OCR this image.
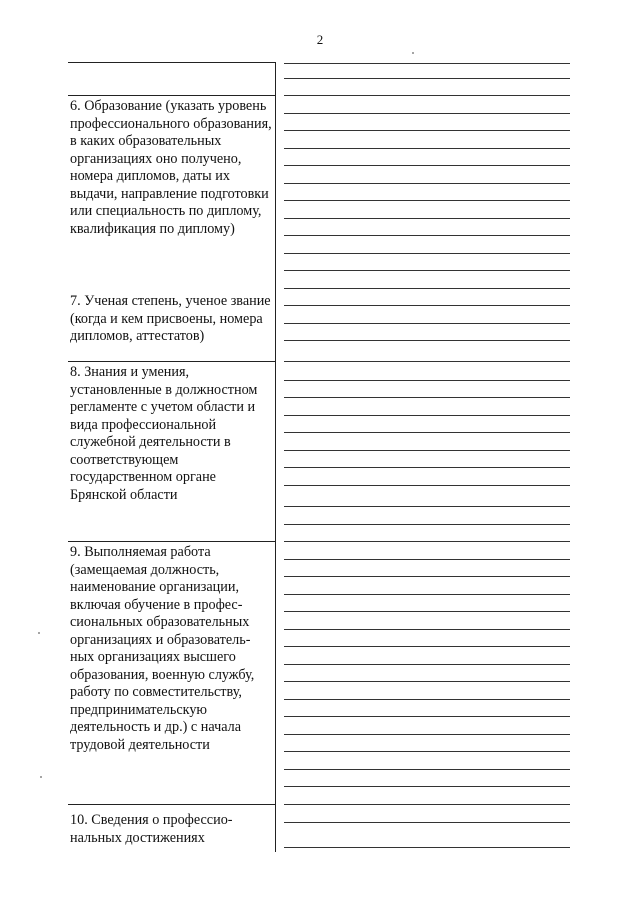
2
6. Образование (указать уровень профессионального образования, в каких образовательных организациях оно получено, номера дипломов, даты их выдачи, направление подготовки или специальность по диплому, квалификация по диплому)
7. Ученая степень, ученое звание (когда и кем присвоены, номера дипломов, аттестатов)
8. Знания и умения, установленные в должностном регламенте с учетом области и вида профессиональной служебной деятельности в соответствующем государственном органе Брянской области
9. Выполняемая работа (замещаемая должность, наименование организации, включая обучение в профес-сиональных образовательных организациях и образователь-ных организациях высшего образования, военную службу, работу по совместительству, предпринимательскую деятельность и др.) с начала трудовой деятельности
10. Сведения о профессио-нальных достижениях
